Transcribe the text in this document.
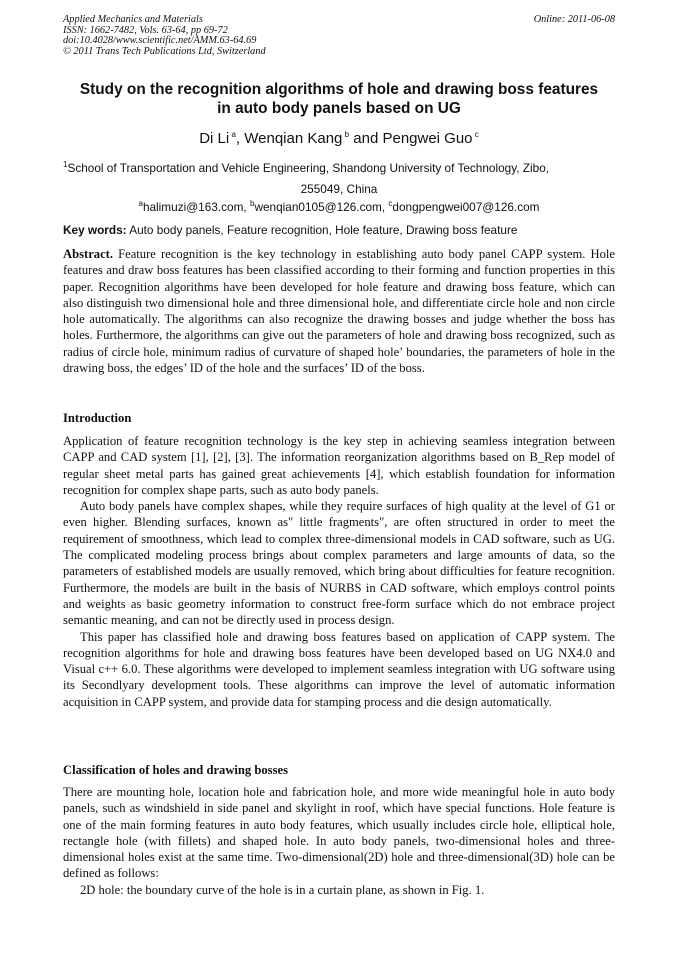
Applied Mechanics and Materials
ISSN: 1662-7482, Vols. 63-64, pp 69-72
doi:10.4028/www.scientific.net/AMM.63-64.69
© 2011 Trans Tech Publications Ltd, Switzerland
Online: 2011-06-08
Study on the recognition algorithms of hole and drawing boss features
in auto body panels based on UG
Di Li $^a$, Wenqian Kang $^b$ and Pengwei Guo $^c$
$^1$School of Transportation and Vehicle Engineering, Shandong University of Technology, Zibo,
255049, China
$^a$halimuzi@163.com, $^b$wenqian0105@126.com, $^c$dongpengwei007@126.com
Key words: Auto body panels, Feature recognition, Hole feature, Drawing boss feature

Abstract. Feature recognition is the key technology in establishing auto body panel CAPP system. Hole features and draw boss features has been classified according to their forming and function properties in this paper. Recognition algorithms have been developed for hole feature and drawing boss feature, which can also distinguish two dimensional hole and three dimensional hole, and differentiate circle hole and non circle hole automatically. The algorithms can also recognize the drawing bosses and judge whether the boss has holes. Furthermore, the algorithms can give out the parameters of hole and drawing boss recognized, such as radius of circle hole, minimum radius of curvature of shaped hole’ boundaries, the parameters of hole in the drawing boss, the edges’ ID of the hole and the surfaces’ ID of the boss.

Introduction

Application of feature recognition technology is the key step in achieving seamless integration between CAPP and CAD system [1], [2], [3]. The information reorganization algorithms based on B_Rep model of regular sheet metal parts has gained great achievements [4], which establish foundation for information recognition for complex shape parts, such as auto body panels.

Auto body panels have complex shapes, while they require surfaces of high quality at the level of G1 or even higher. Blending surfaces, known as" little fragments", are often structured in order to meet the requirement of smoothness, which lead to complex three-dimensional models in CAD software, such as UG. The complicated modeling process brings about complex parameters and large amounts of data, so the parameters of established models are usually removed, which bring about difficulties for feature recognition. Furthermore, the models are built in the basis of NURBS in CAD software, which employs control points and weights as basic geometry information to construct free-form surface which do not embrace project semantic meaning, and can not be directly used in process design.

This paper has classified hole and drawing boss features based on application of CAPP system. The recognition algorithms for hole and drawing boss features have been developed based on UG NX4.0 and Visual c++ 6.0. These algorithms were developed to implement seamless integration with UG software using its Secondlyary development tools. These algorithms can improve the level of automatic information acquisition in CAPP system, and provide data for stamping process and die design automatically.

Classification of holes and drawing bosses

There are mounting hole, location hole and fabrication hole, and more wide meaningful hole in auto body panels, such as windshield in side panel and skylight in roof, which have special functions. Hole feature is one of the main forming features in auto body features, which usually includes circle hole, elliptical hole, rectangle hole (with fillets) and shaped hole. In auto body panels, two-dimensional holes and three-dimensional holes exist at the same time. Two-dimensional(2D) hole and three-dimensional(3D) hole can be defined as follows:

2D hole: the boundary curve of the hole is in a curtain plane, as shown in Fig. 1.
